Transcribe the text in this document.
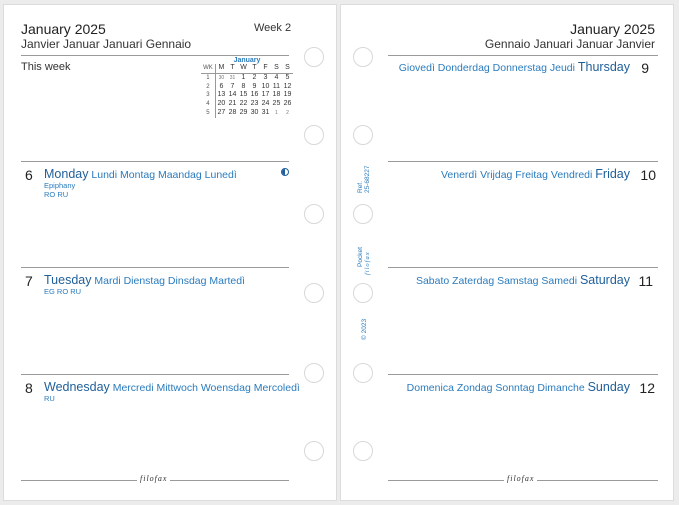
January 2025
Janvier Januar Januari Gennaio
Week 2
This week
January
WK	M	T	W	T	F	S	S
1	30	31	1	2	3	4	5
2	6	7	8	9	10	11	12
3	13	14	15	16	17	18	19
4	20	21	22	23	24	25	26
5	27	28	29	30	31	1	2
6 Monday Lundi Montag Maandag Lunedì
Epiphany
RO RU
7 Tuesday Mardi Dienstag Dinsdag Martedì
EG RO RU
8 Wednesday Mercredi Mittwoch Woensdag Mercoledì
RU
filofax
January 2025
Gennaio Januari Januar Janvier
Ref. 25-68227
Pocket filofax
© 2023
Giovedì Donderdag Donnerstag Jeudi Thursday 9
Venerdì Vrijdag Freitag Vendredi Friday 10
Sabato Zaterdag Samstag Samedi Saturday 11
Domenica Zondag Sonntag Dimanche Sunday 12
filofax
